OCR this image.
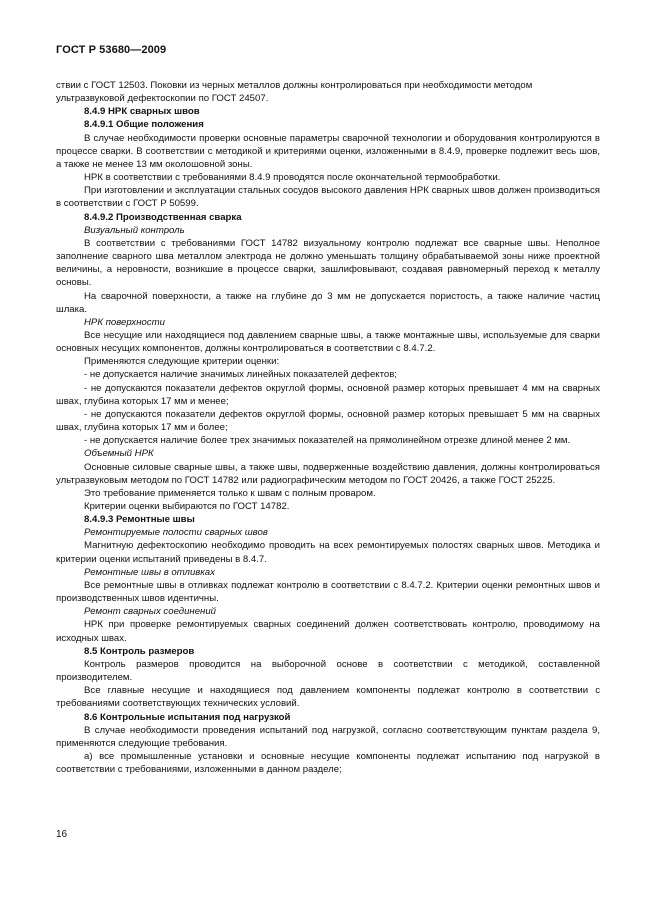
ГОСТ Р 53680—2009

ствии с ГОСТ 12503. Поковки из черных металлов должны контролироваться при необходимости методом ультразвуковой дефектоскопии по ГОСТ 24507.

8.4.9 НРК сварных швов

8.4.9.1 Общие положения

В случае необходимости проверки основные параметры сварочной технологии и оборудования контролируются в процессе сварки. В соответствии с методикой и критериями оценки, изложенными в 8.4.9, проверке подлежит весь шов, а также не менее 13 мм околошовной зоны.

НРК в соответствии с требованиями 8.4.9 проводятся после окончательной термообработки.

При изготовлении и эксплуатации стальных сосудов высокого давления НРК сварных швов должен производиться в соответствии с ГОСТ Р 50599.

8.4.9.2 Производственная сварка

Визуальный контроль

В соответствии с требованиями ГОСТ 14782 визуальному контролю подлежат все сварные швы. Неполное заполнение сварного шва металлом электрода не должно уменьшать толщину обрабатываемой зоны ниже проектной величины, а неровности, возникшие в процессе сварки, зашлифовывают, создавая равномерный переход к металлу основы.

На сварочной поверхности, а также на глубине до 3 мм не допускается пористость, а также наличие частиц шлака.

НРК поверхности

Все несущие или находящиеся под давлением сварные швы, а также монтажные швы, используемые для сварки основных несущих компонентов, должны контролироваться в соответствии с 8.4.7.2.

Применяются следующие критерии оценки:

- не допускается наличие значимых линейных показателей дефектов;

- не допускаются показатели дефектов округлой формы, основной размер которых превышает 4 мм на сварных швах, глубина которых 17 мм и менее;

- не допускаются показатели дефектов округлой формы, основной размер которых превышает 5 мм на сварных швах, глубина которых 17 мм и более;

- не допускается наличие более трех значимых показателей на прямолинейном отрезке длиной менее 2 мм.

Объемный НРК

Основные силовые сварные швы, а также швы, подверженные воздействию давления, должны контролироваться ультразвуковым методом по ГОСТ 14782 или радиографическим методом по ГОСТ 20426, а также ГОСТ 25225.

Это требование применяется только к швам с полным проваром.

Критерии оценки выбираются по ГОСТ 14782.

8.4.9.3 Ремонтные швы

Ремонтируемые полости сварных швов

Магнитную дефектоскопию необходимо проводить на всех ремонтируемых полостях сварных швов. Методика и критерии оценки испытаний приведены в 8.4.7.

Ремонтные швы в отливках

Все ремонтные швы в отливках подлежат контролю в соответствии с 8.4.7.2. Критерии оценки ремонтных швов и производственных швов идентичны.

Ремонт сварных соединений

НРК при проверке ремонтируемых сварных соединений должен соответствовать контролю, проводимому на исходных швах.

8.5 Контроль размеров

Контроль размеров проводится на выборочной основе в соответствии с методикой, составленной производителем.

Все главные несущие и находящиеся под давлением компоненты подлежат контролю в соответствии с требованиями соответствующих технических условий.

8.6 Контрольные испытания под нагрузкой

В случае необходимости проведения испытаний под нагрузкой, согласно соответствующим пунктам раздела 9, применяются следующие требования.

а) все промышленные установки и основные несущие компоненты подлежат испытанию под нагрузкой в соответствии с требованиями, изложенными в данном разделе;

16
